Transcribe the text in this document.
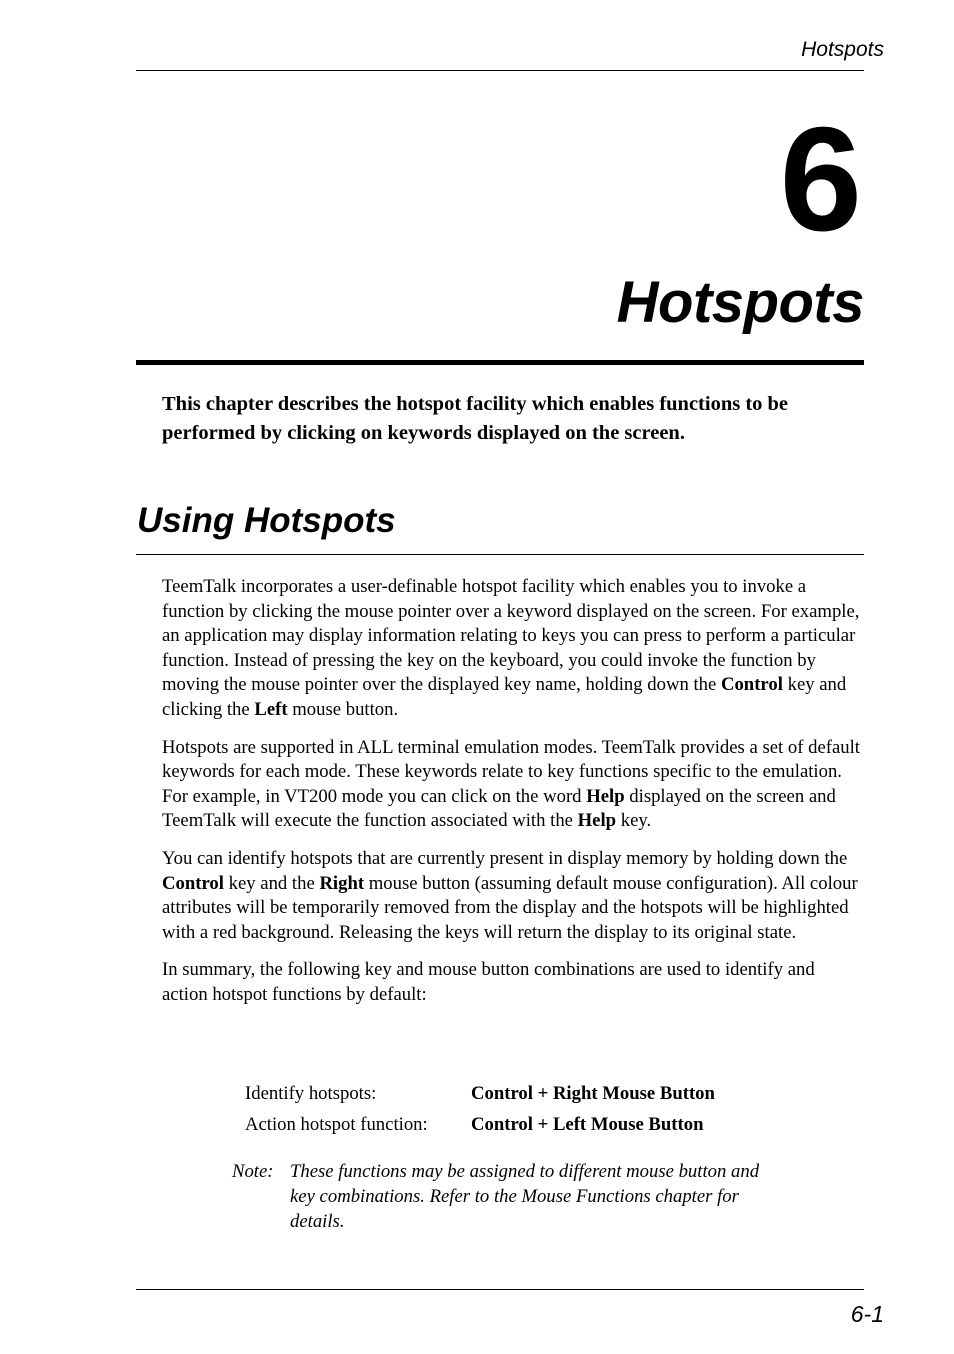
Hotspots
6
Hotspots
This chapter describes the hotspot facility which enables functions to be performed by clicking on keywords displayed on the screen.
Using Hotspots

TeemTalk incorporates a user-definable hotspot facility which enables you to invoke a function by clicking the mouse pointer over a keyword displayed on the screen. For example, an application may display information relating to keys you can press to perform a particular function. Instead of pressing the key on the keyboard, you could invoke the function by moving the mouse pointer over the displayed key name, holding down the Control key and clicking the Left mouse button.

Hotspots are supported in ALL terminal emulation modes. TeemTalk provides a set of default keywords for each mode. These keywords relate to key functions specific to the emulation. For example, in VT200 mode you can click on the word Help displayed on the screen and TeemTalk will execute the function associated with the Help key.

You can identify hotspots that are currently present in display memory by holding down the Control key and the Right mouse button (assuming default mouse configuration). All colour attributes will be temporarily removed from the display and the hotspots will be highlighted with a red background. Releasing the keys will return the display to its original state.

In summary, the following key and mouse button combinations are used to identify and action hotspot functions by default:

Identify hotspots:	Control + Right Mouse Button
Action hotspot function:	Control + Left Mouse Button
Note: These functions may be assigned to different mouse button and key combinations. Refer to the Mouse Functions chapter for details.
6-1
